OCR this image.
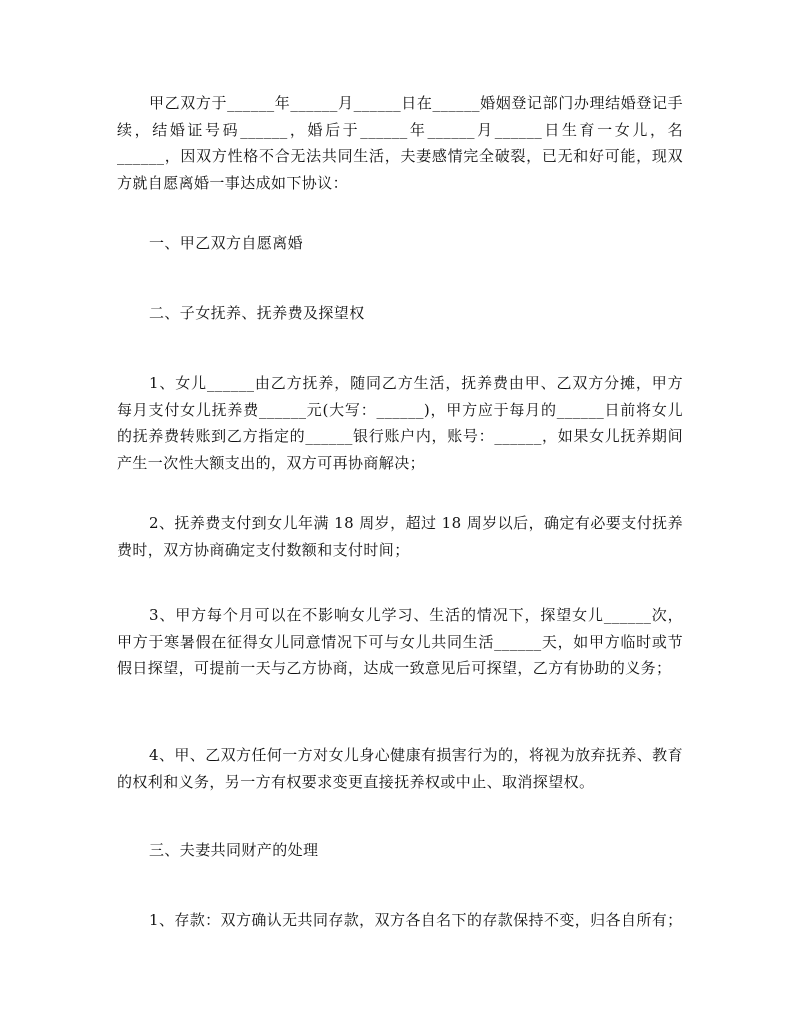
甲乙双方于______年______月______日在______婚姻登记部门办理结婚登记手续，结婚证号码______，婚后于______年______月______日生育一女儿，名______，因双方性格不合无法共同生活，夫妻感情完全破裂，已无和好可能，现双方就自愿离婚一事达成如下协议：

一、甲乙双方自愿离婚

二、子女抚养、抚养费及探望权

1、女儿______由乙方抚养，随同乙方生活，抚养费由甲、乙双方分摊，甲方每月支付女儿抚养费______元(大写：______)，甲方应于每月的______日前将女儿的抚养费转账到乙方指定的______银行账户内，账号：______，如果女儿抚养期间产生一次性大额支出的，双方可再协商解决；

2、抚养费支付到女儿年满 18 周岁，超过 18 周岁以后，确定有必要支付抚养费时，双方协商确定支付数额和支付时间；

3、甲方每个月可以在不影响女儿学习、生活的情况下，探望女儿______次，甲方于寒暑假在征得女儿同意情况下可与女儿共同生活______天，如甲方临时或节假日探望，可提前一天与乙方协商，达成一致意见后可探望，乙方有协助的义务；

4、甲、乙双方任何一方对女儿身心健康有损害行为的，将视为放弃抚养、教育的权利和义务，另一方有权要求变更直接抚养权或中止、取消探望权。

三、夫妻共同财产的处理

1、存款：双方确认无共同存款，双方各自名下的存款保持不变，归各自所有；
